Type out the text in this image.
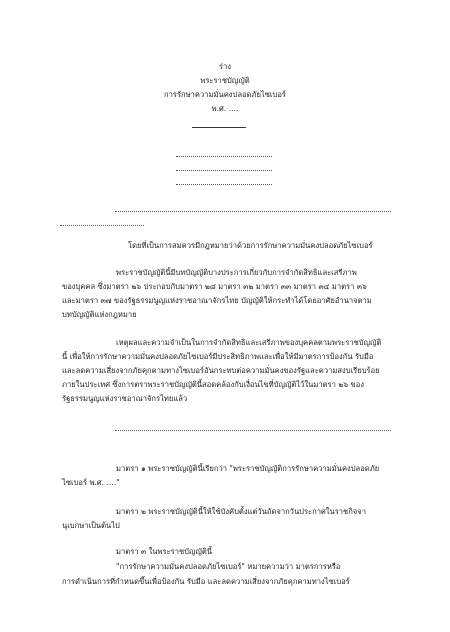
ร่าง
พระราชบัญญัติ
การรักษาความมั่นคงปลอดภัยไซเบอร์
พ.ศ. ....
โดยที่เป็นการสมควรมีกฎหมายว่าด้วยการรักษาความมั่นคงปลอดภัยไซเบอร์
พระราชบัญญัตินี้มีบทบัญญัติบางประการเกี่ยวกับการจำกัดสิทธิและเสรีภาพ
ของบุคคล ซึ่งมาตรา ๒๖ ประกอบกับมาตรา ๒๘ มาตรา ๓๒ มาตรา ๓๓ มาตรา ๓๔ มาตรา ๓๖
และมาตรา ๓๗ ของรัฐธรรมนูญแห่งราชอาณาจักรไทย บัญญัติให้กระทำได้โดยอาศัยอำนาจตาม
บทบัญญัติแห่งกฎหมาย
เหตุผลและความจำเป็นในการจำกัดสิทธิและเสรีภาพของบุคคลตามพระราชบัญญัติ
นี้ เพื่อให้การรักษาความมั่นคงปลอดภัยไซเบอร์มีประสิทธิภาพและเพื่อให้มีมาตรการป้องกัน รับมือ
และลดความเสี่ยงจากภัยคุกคามทางไซเบอร์อันกระทบต่อความมั่นคงของรัฐและความสงบเรียบร้อย
ภายในประเทศ ซึ่งการตราพระราชบัญญัตินี้สอดคล้องกับเงื่อนไขที่บัญญัติไว้ในมาตรา ๒๖ ของ
รัฐธรรมนูญแห่งราชอาณาจักรไทยแล้ว
มาตรา ๑ พระราชบัญญัตินี้เรียกว่า "พระราชบัญญัติการรักษาความมั่นคงปลอดภัย
ไซเบอร์ พ.ศ. ...."
มาตรา ๒ พระราชบัญญัตินี้ให้ใช้บังคับตั้งแต่วันถัดจากวันประกาศในราชกิจจา
นุเบกษาเป็นต้นไป
มาตรา ๓ ในพระราชบัญญัตินี้
"การรักษาความมั่นคงปลอดภัยไซเบอร์" หมายความว่า มาตรการหรือ
การดำเนินการที่กำหนดขึ้นเพื่อป้องกัน รับมือ และลดความเสี่ยงจากภัยคุกคามทางไซเบอร์
